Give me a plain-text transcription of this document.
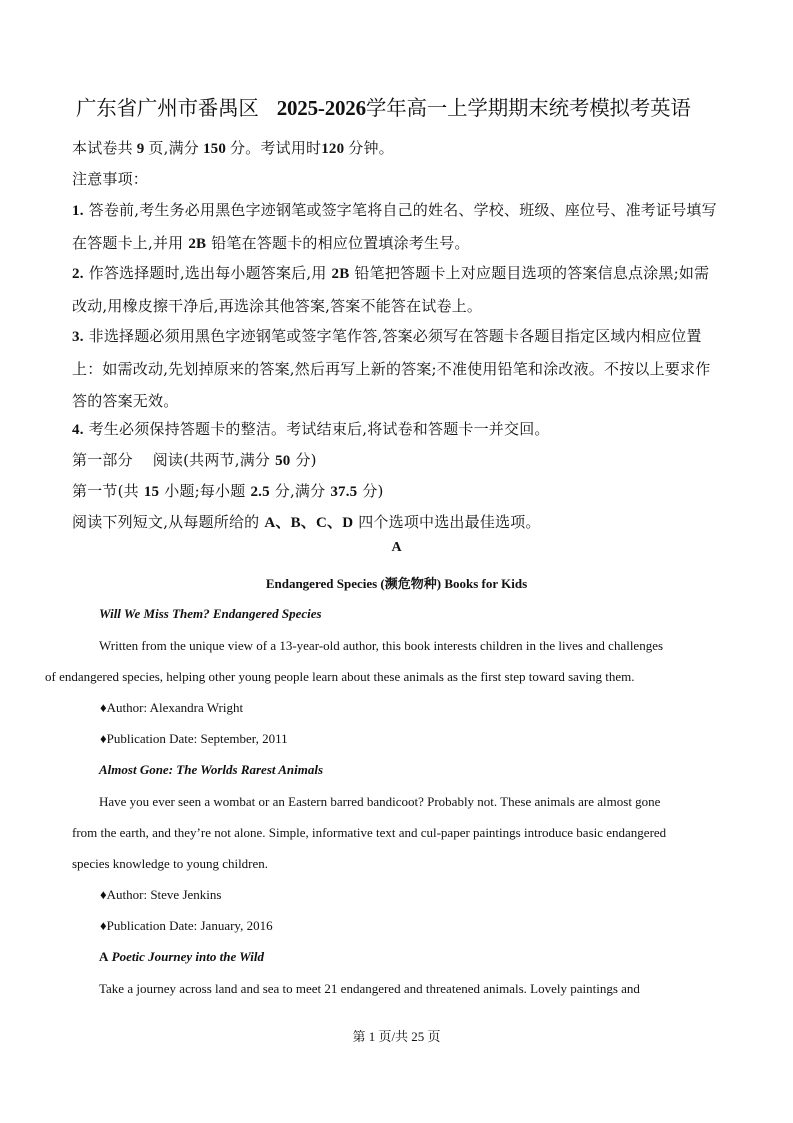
广东省广州市番禺区 2025-2026学年高一上学期期末统考模拟考英语
本试卷共 9 页,满分 150 分。考试用时120 分钟。
注意事项：
1. 答卷前,考生务必用黑色字迹钢笔或签字笔将自己的姓名、学校、班级、座位号、准考证号填写在答题卡上,并用 2B 铅笔在答题卡的相应位置填涂考生号。
2. 作答选择题时,选出每小题答案后,用 2B 铅笔把答题卡上对应题目选项的答案信息点涂黑;如需改动,用橡皮擦干净后,再选涂其他答案,答案不能答在试卷上。
3. 非选择题必须用黑色字迹钢笔或签字笔作答,答案必须写在答题卡各题目指定区域内相应位置上：如需改动,先划掉原来的答案,然后再写上新的答案;不准使用铅笔和涂改液。不按以上要求作答的答案无效。
4. 考生必须保持答题卡的整洁。考试结束后,将试卷和答题卡一并交回。
第一部分 阅读(共两节,满分 50 分)
第一节(共 15 小题;每小题 2.5 分,满分 37.5 分)
阅读下列短文,从每题所给的 A、B、C、D 四个选项中选出最佳选项。
A
Endangered Species (濒危物种) Books for Kids
Will We Miss Them? Endangered Species
Written from the unique view of a 13-year-old author, this book interests children in the lives and challenges
of endangered species, helping other young people learn about these animals as the first step toward saving them.
♦Author: Alexandra Wright
♦Publication Date: September, 2011
Almost Gone: The Worlds Rarest Animals
Have you ever seen a wombat or an Eastern barred bandicoot? Probably not. These animals are almost gone
from the earth, and they’re not alone. Simple, informative text and cul-paper paintings introduce basic endangered
species knowledge to young children.
♦Author: Steve Jenkins
♦Publication Date: January, 2016
A Poetic Journey into the Wild
Take a journey across land and sea to meet 21 endangered and threatened animals. Lovely paintings and
第 1 页/共 25 页
